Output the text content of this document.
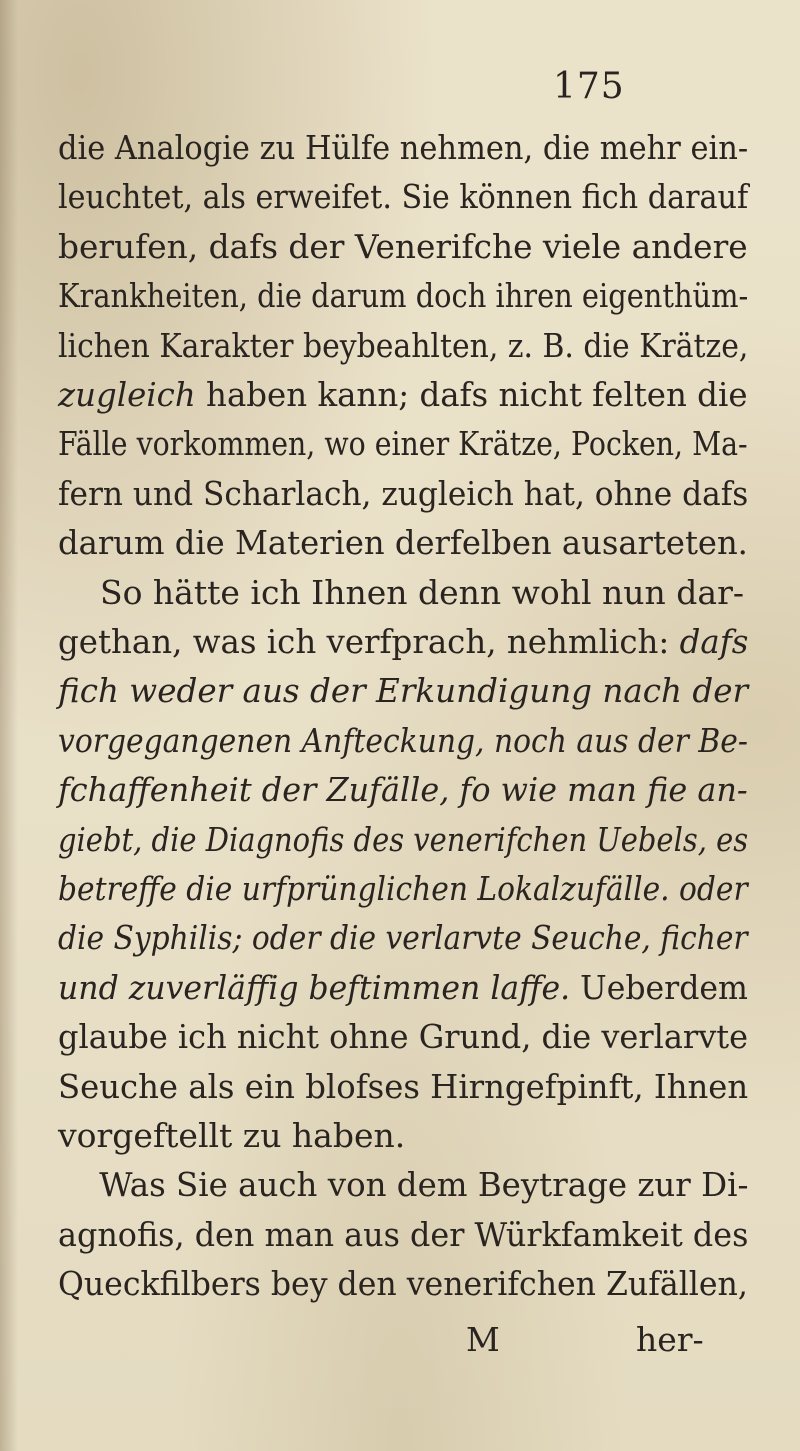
175
die Analogie zu Hülfe nehmen, die mehr ein-
leuchtet, als erweifet. Sie können fich darauf
berufen, dafs der Venerifche viele andere
Krankheiten, die darum doch ihren eigenthüm-
lichen Karakter beybeahlten, z. B. die Krätze,
zugleich haben kann; dafs nicht felten die
Fälle vorkommen, wo einer Krätze, Pocken, Ma-
fern und Scharlach, zugleich hat, ohne dafs
darum die Materien derfelben ausarteten.
So hätte ich Ihnen denn wohl nun dar-
gethan, was ich verfprach, nehmlich: dafs
fich weder aus der Erkundigung nach der
vorgegangenen Anfteckung, noch aus der Be-
fchaffenheit der Zufälle, fo wie man fie an-
giebt, die Diagnofis des venerifchen Uebels, es
betreffe die urfprünglichen Lokalzufälle. oder
die Syphilis; oder die verlarvte Seuche, ficher
und zuverläffig beftimmen laffe. Ueberdem
glaube ich nicht ohne Grund, die verlarvte
Seuche als ein blofses Hirngefpinft, Ihnen
vorgeftellt zu haben.
Was Sie auch von dem Beytrage zur Di-
agnofis, den man aus der Würkfamkeit des
Queckfilbers bey den venerifchen Zufällen,
M	her-
